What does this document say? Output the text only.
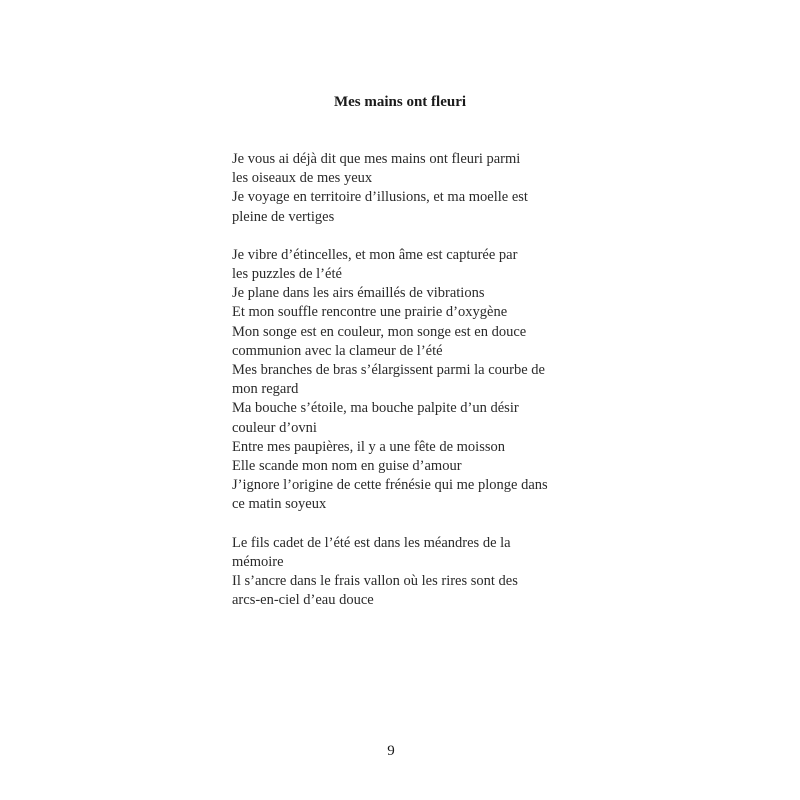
Mes mains ont fleuri
Je vous ai déjà dit que mes mains ont fleuri parmi
les oiseaux de mes yeux
Je voyage en territoire d’illusions, et ma moelle est
pleine de vertiges
Je vibre d’étincelles, et mon âme est capturée par
les puzzles de l’été
Je plane dans les airs émaillés de vibrations
Et mon souffle rencontre une prairie d’oxygène
Mon songe est en couleur, mon songe est en douce
communion avec la clameur de l’été
Mes branches de bras s’élargissent parmi la courbe de
mon regard
Ma bouche s’étoile, ma bouche palpite d’un désir
couleur d’ovni
Entre mes paupières, il y a une fête de moisson
Elle scande mon nom en guise d’amour
J’ignore l’origine de cette frénésie qui me plonge dans
ce matin soyeux
Le fils cadet de l’été est dans les méandres de la
mémoire
Il s’ancre dans le frais vallon où les rires sont des
arcs-en-ciel d’eau douce
9
